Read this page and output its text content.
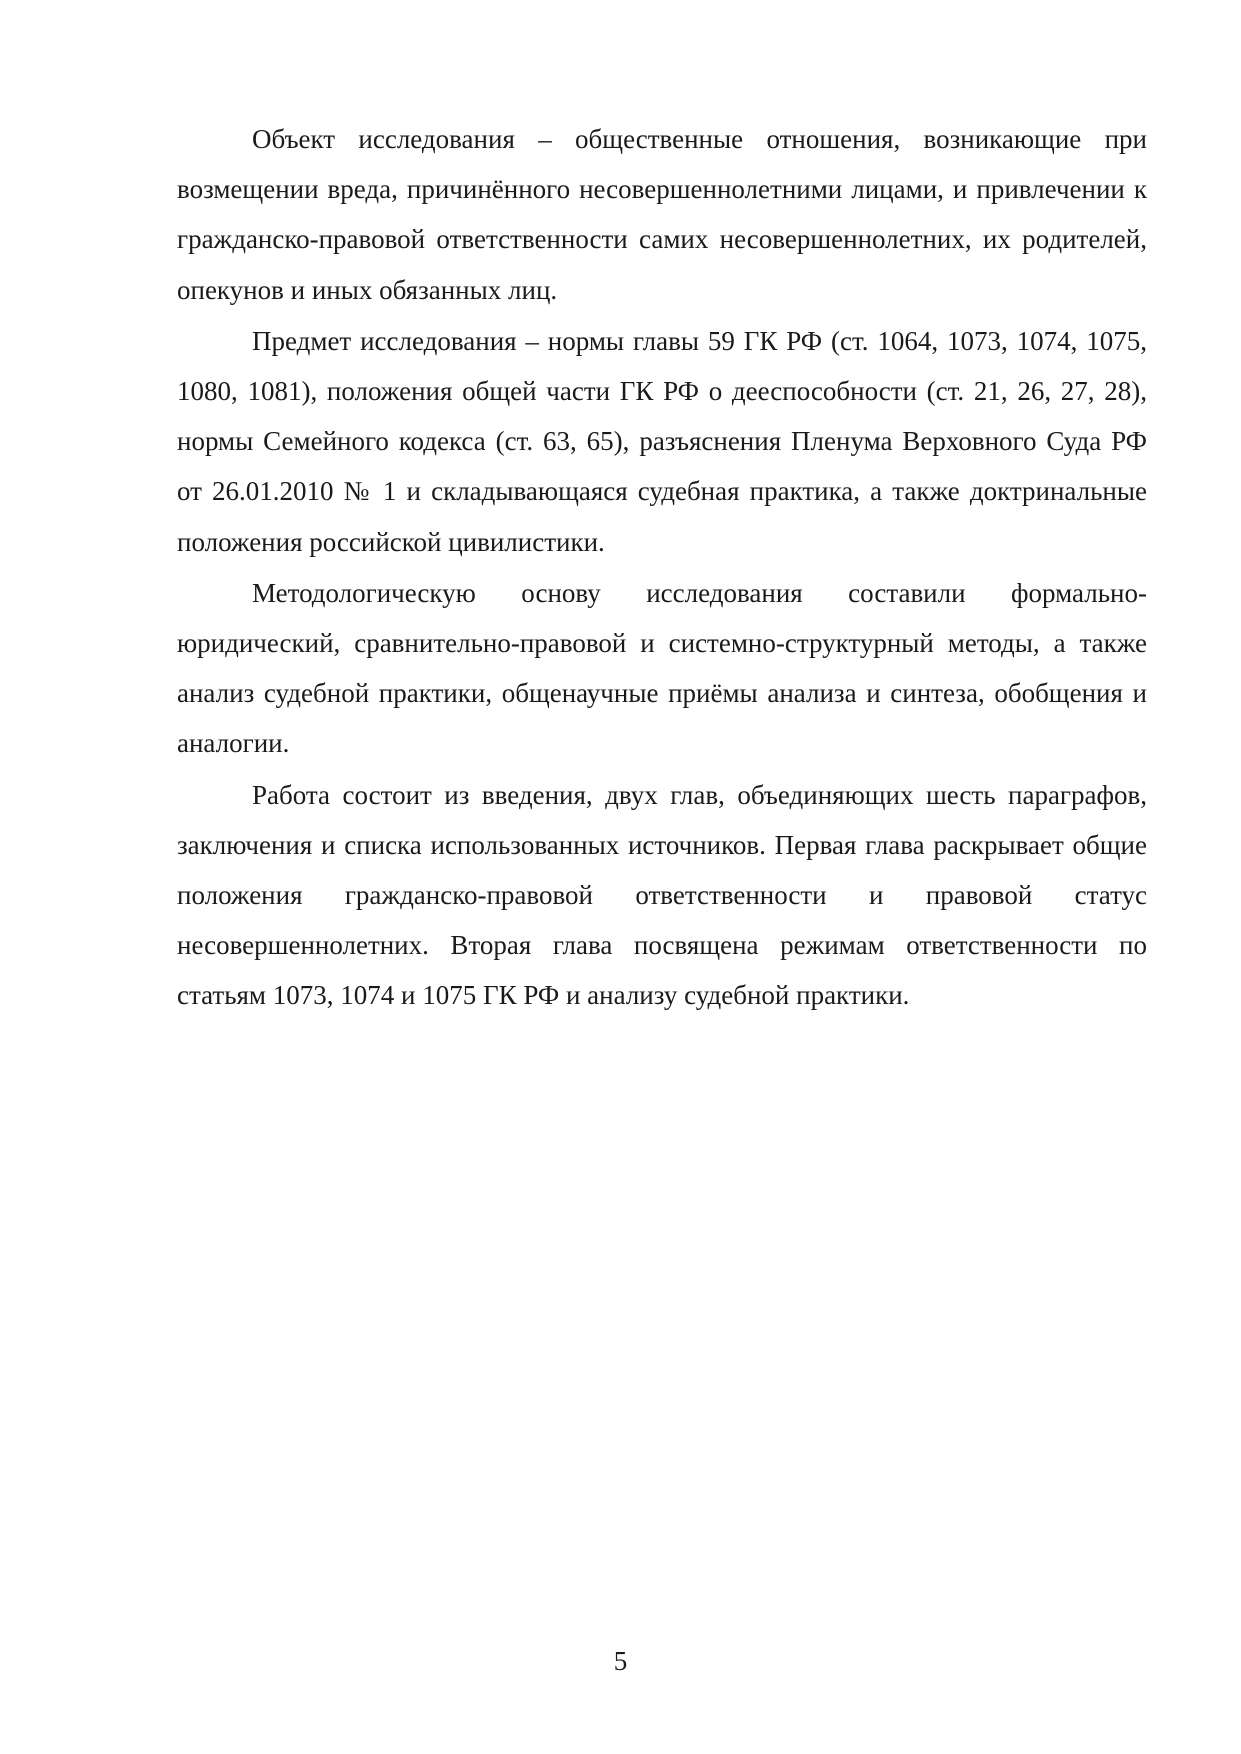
Объект исследования – общественные отношения, возникающие при возмещении вреда, причинённого несовершеннолетними лицами, и привлечении к гражданско-правовой ответственности самих несовершеннолетних, их родителей, опекунов и иных обязанных лиц.

Предмет исследования – нормы главы 59 ГК РФ (ст. 1064, 1073, 1074, 1075, 1080, 1081), положения общей части ГК РФ о дееспособности (ст. 21, 26, 27, 28), нормы Семейного кодекса (ст. 63, 65), разъяснения Пленума Верховного Суда РФ от 26.01.2010 № 1 и складывающаяся судебная практика, а также доктринальные положения российской цивилистики.

Методологическую основу исследования составили формально-юридический, сравнительно-правовой и системно-структурный методы, а также анализ судебной практики, общенаучные приёмы анализа и синтеза, обобщения и аналогии.

Работа состоит из введения, двух глав, объединяющих шесть параграфов, заключения и списка использованных источников. Первая глава раскрывает общие положения гражданско-правовой ответственности и правовой статус несовершеннолетних. Вторая глава посвящена режимам ответственности по статьям 1073, 1074 и 1075 ГК РФ и анализу судебной практики.

5
